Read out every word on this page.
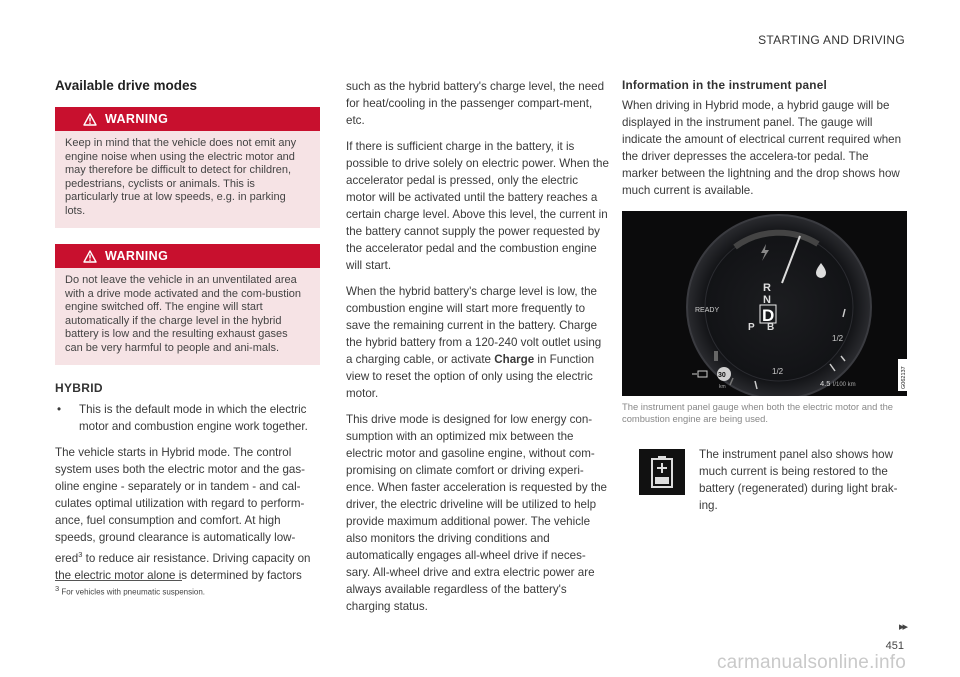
STARTING AND DRIVING
Available drive modes
WARNING
Keep in mind that the vehicle does not emit any engine noise when using the electric motor and may therefore be difficult to detect for children, pedestrians, cyclists or animals. This is particularly true at low speeds, e.g. in parking lots.
WARNING
Do not leave the vehicle in an unventilated area with a drive mode activated and the com-bustion engine switched off. The engine will start automatically if the charge level in the hybrid battery is low and the resulting exhaust gases can be very harmful to people and ani-mals.
HYBRID
•	This is the default mode in which the electric motor and combustion engine work together.

The vehicle starts in Hybrid mode. The control system uses both the electric motor and the gas-oline engine - separately or in tandem - and cal-culates optimal utilization with regard to perform-ance, fuel consumption and comfort. At high speeds, ground clearance is automatically low-ered$^3$ to reduce air resistance. Driving capacity on the electric motor alone is determined by factors

such as the hybrid battery's charge level, the need for heat/cooling in the passenger compart-ment, etc.

If there is sufficient charge in the battery, it is possible to drive solely on electric power. When the accelerator pedal is pressed, only the electric motor will be activated until the battery reaches a certain charge level. Above this level, the current in the battery cannot supply the power requested by the accelerator pedal and the combustion engine will start.

When the hybrid battery's charge level is low, the combustion engine will start more frequently to save the remaining current in the battery. Charge the hybrid battery from a 120-240 volt outlet using a charging cable, or activate Charge in Function view to reset the option of only using the electric motor.

This drive mode is designed for low energy con-sumption with an optimized mix between the electric motor and gasoline engine, without com-promising on climate comfort or driving experi-ence. When faster acceleration is requested by the driver, the electric driveline will be utilized to help provide maximum additional power. The vehicle also monitors the driving conditions and automatically engages all-wheel drive if neces-sary. All-wheel drive and extra electric power are always available regardless of the battery's charging status.

Information in the instrument panel

When driving in Hybrid mode, a hybrid gauge will be displayed in the instrument panel. The gauge will indicate the amount of electrical current required when the driver depresses the accelera-tor pedal. The marker between the lightning and the drop shows how much current is available.

READY
R
N
D
P B
1/2
1/2
30
km	4.5 l/100 km	G062137
The instrument panel gauge when both the electric motor and the combustion engine are being used.
The instrument panel also shows how much current is being restored to the battery (regenerated) during light brak-ing.
$^3$ For vehicles with pneumatic suspension.
▸▸
451
carmanualsonline.info
